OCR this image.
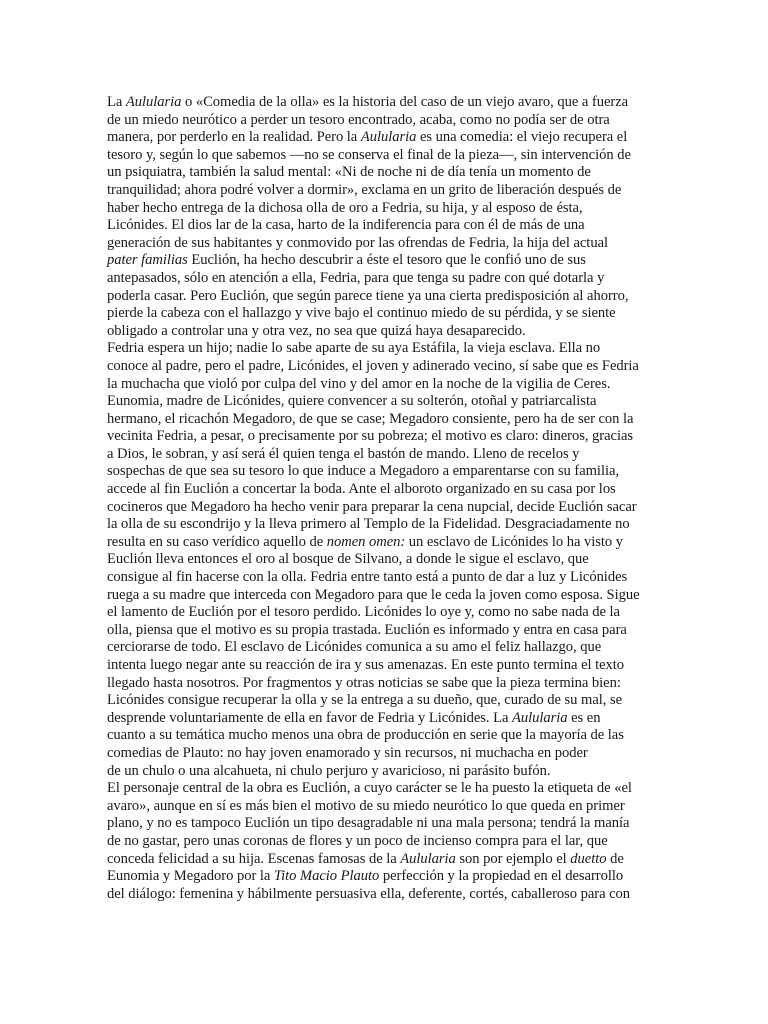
La Aulularia o «Comedia de la olla» es la historia del caso de un viejo avaro, que a fuerza
de un miedo neurótico a perder un tesoro encontrado, acaba, como no podía ser de otra
manera, por perderlo en la realidad. Pero la Aulularia es una comedia: el viejo recupera el
tesoro y, según lo que sabemos —no se conserva el final de la pieza—, sin intervención de
un psiquiatra, también la salud mental: «Ni de noche ni de día tenía un momento de
tranquilidad; ahora podré volver a dormir», exclama en un grito de liberación después de
haber hecho entrega de la dichosa olla de oro a Fedria, su hija, y al esposo de ésta,
Licónides. El dios lar de la casa, harto de la indiferencia para con él de más de una
generación de sus habitantes y conmovido por las ofrendas de Fedria, la hija del actual
pater familias Euclión, ha hecho descubrir a éste el tesoro que le confió uno de sus
antepasados, sólo en atención a ella, Fedria, para que tenga su padre con qué dotarla y
poderla casar. Pero Euclión, que según parece tiene ya una cierta predisposición al ahorro,
pierde la cabeza con el hallazgo y vive bajo el continuo miedo de su pérdida, y se siente
obligado a controlar una y otra vez, no sea que quizá haya desaparecido.
Fedria espera un hijo; nadie lo sabe aparte de su aya Estáfila, la vieja esclava. Ella no
conoce al padre, pero el padre, Licónides, el joven y adinerado vecino, sí sabe que es Fedria
la muchacha que violó por culpa del vino y del amor en la noche de la vigilia de Ceres.
Eunomia, madre de Licónides, quiere convencer a su solterón, otoñal y patriarcalista
hermano, el ricachón Megadoro, de que se case; Megadoro consiente, pero ha de ser con la
vecinita Fedria, a pesar, o precisamente por su pobreza; el motivo es claro: dineros, gracias
a Dios, le sobran, y así será él quien tenga el bastón de mando. Lleno de recelos y
sospechas de que sea su tesoro lo que induce a Megadoro a emparentarse con su familia,
accede al fin Euclión a concertar la boda. Ante el alboroto organizado en su casa por los
cocineros que Megadoro ha hecho venir para preparar la cena nupcial, decide Euclión sacar
la olla de su escondrijo y la lleva primero al Templo de la Fidelidad. Desgraciadamente no
resulta en su caso verídico aquello de nomen omen: un esclavo de Licónides lo ha visto y
Euclión lleva entonces el oro al bosque de Silvano, a donde le sigue el esclavo, que
consigue al fin hacerse con la olla. Fedria entre tanto está a punto de dar a luz y Licónides
ruega a su madre que interceda con Megadoro para que le ceda la joven como esposa. Sigue
el lamento de Euclión por el tesoro perdido. Licónides lo oye y, como no sabe nada de la
olla, piensa que el motivo es su propia trastada. Euclión es informado y entra en casa para
cerciorarse de todo. El esclavo de Licónides comunica a su amo el feliz hallazgo, que
intenta luego negar ante su reacción de ira y sus amenazas. En este punto termina el texto
llegado hasta nosotros. Por fragmentos y otras noticias se sabe que la pieza termina bien:
Licónides consigue recuperar la olla y se la entrega a su dueño, que, curado de su mal, se
desprende voluntariamente de ella en favor de Fedria y Licónides. La Aulularia es en
cuanto a su temática mucho menos una obra de producción en serie que la mayoría de las
comedias de Plauto: no hay joven enamorado y sin recursos, ni muchacha en poder
de un chulo o una alcahueta, ni chulo perjuro y avaricioso, ni parásito bufón.
El personaje central de la obra es Euclión, a cuyo carácter se le ha puesto la etiqueta de «el
avaro», aunque en sí es más bien el motivo de su miedo neurótico lo que queda en primer
plano, y no es tampoco Euclión un tipo desagradable ni una mala persona; tendrá la manía
de no gastar, pero unas coronas de flores y un poco de incienso compra para el lar, que
conceda felicidad a su hija. Escenas famosas de la Aulularia son por ejemplo el duetto de
Eunomia y Megadoro por la Tito Macio Plauto perfección y la propiedad en el desarrollo
del diálogo: femenina y hábilmente persuasiva ella, deferente, cortés, caballeroso para con
